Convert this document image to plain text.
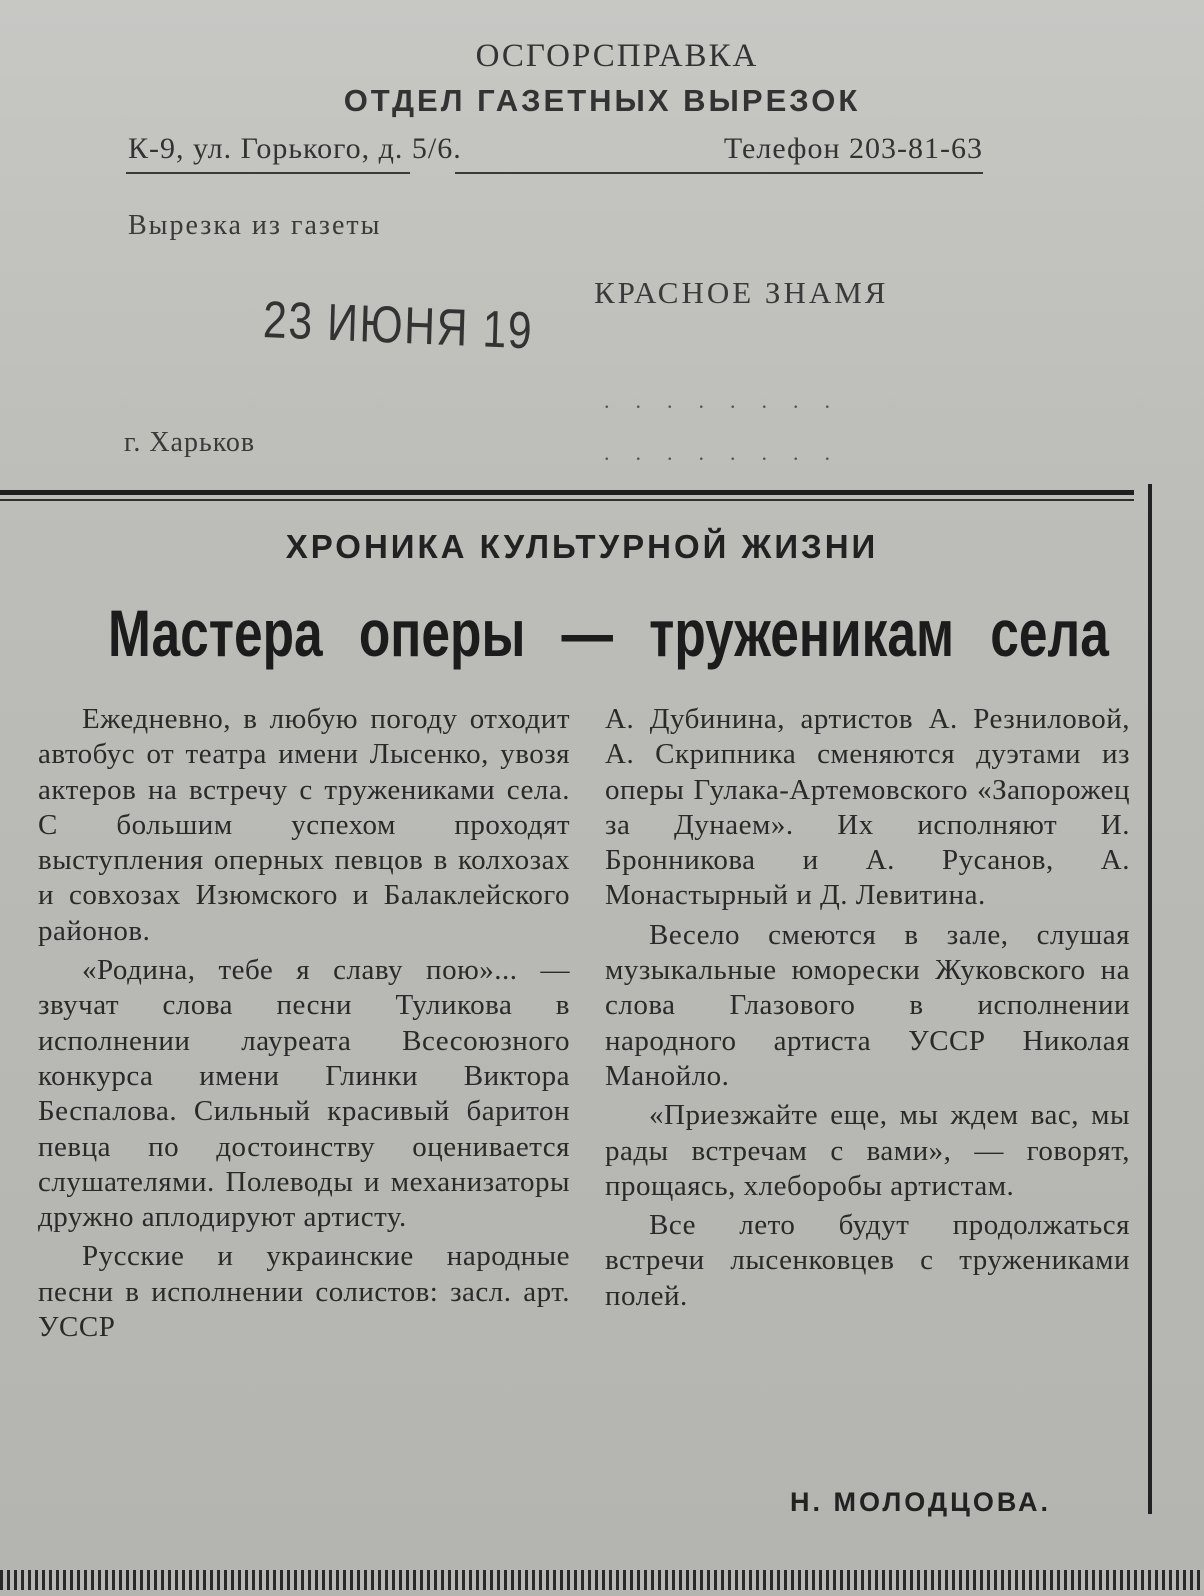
ОСГОРСПРАВКА
ОТДЕЛ ГАЗЕТНЫХ ВЫРЕЗОК
К-9, ул. Горького, д. 5/6.	Телефон 203-81-63
Вырезка из газеты
КРАСНОЕ ЗНАМЯ
23 ИЮНЯ 19
........
........
г. Харьков
ХРОНИКА КУЛЬТУРНОЙ ЖИЗНИ
Мастера оперы — труженикам села

Ежедневно, в любую погоду отходит автобус от театра имени Лысенко, увозя актеров на встречу с тружениками села. С большим успехом проходят выступления оперных певцов в колхозах и совхозах Изюмского и Балаклейского районов.

«Родина, тебе я славу пою»... — звучат слова песни Туликова в исполнении лауреата Всесоюзного конкурса имени Глинки Виктора Беспалова. Сильный красивый баритон певца по достоинству оценивается слушателями. Полеводы и механизаторы дружно аплодируют артисту.

Русские и украинские народные песни в исполнении солистов: засл. арт. УССР

А. Дубинина, артистов А. Резниловой, А. Скрипника сменяются дуэтами из оперы Гулака-Артемовского «Запорожец за Дунаем». Их исполняют И. Бронникова и А. Русанов, А. Монастырный и Д. Левитина.

Весело смеются в зале, слушая музыкальные юморески Жуковского на слова Глазового в исполнении народного артиста УССР Николая Манойло.

«Приезжайте еще, мы ждем вас, мы рады встречам с вами», — говорят, прощаясь, хлеборобы артистам.

Все лето будут продолжаться встречи лысенковцев с тружениками полей.

Н. МОЛОДЦОВА.
